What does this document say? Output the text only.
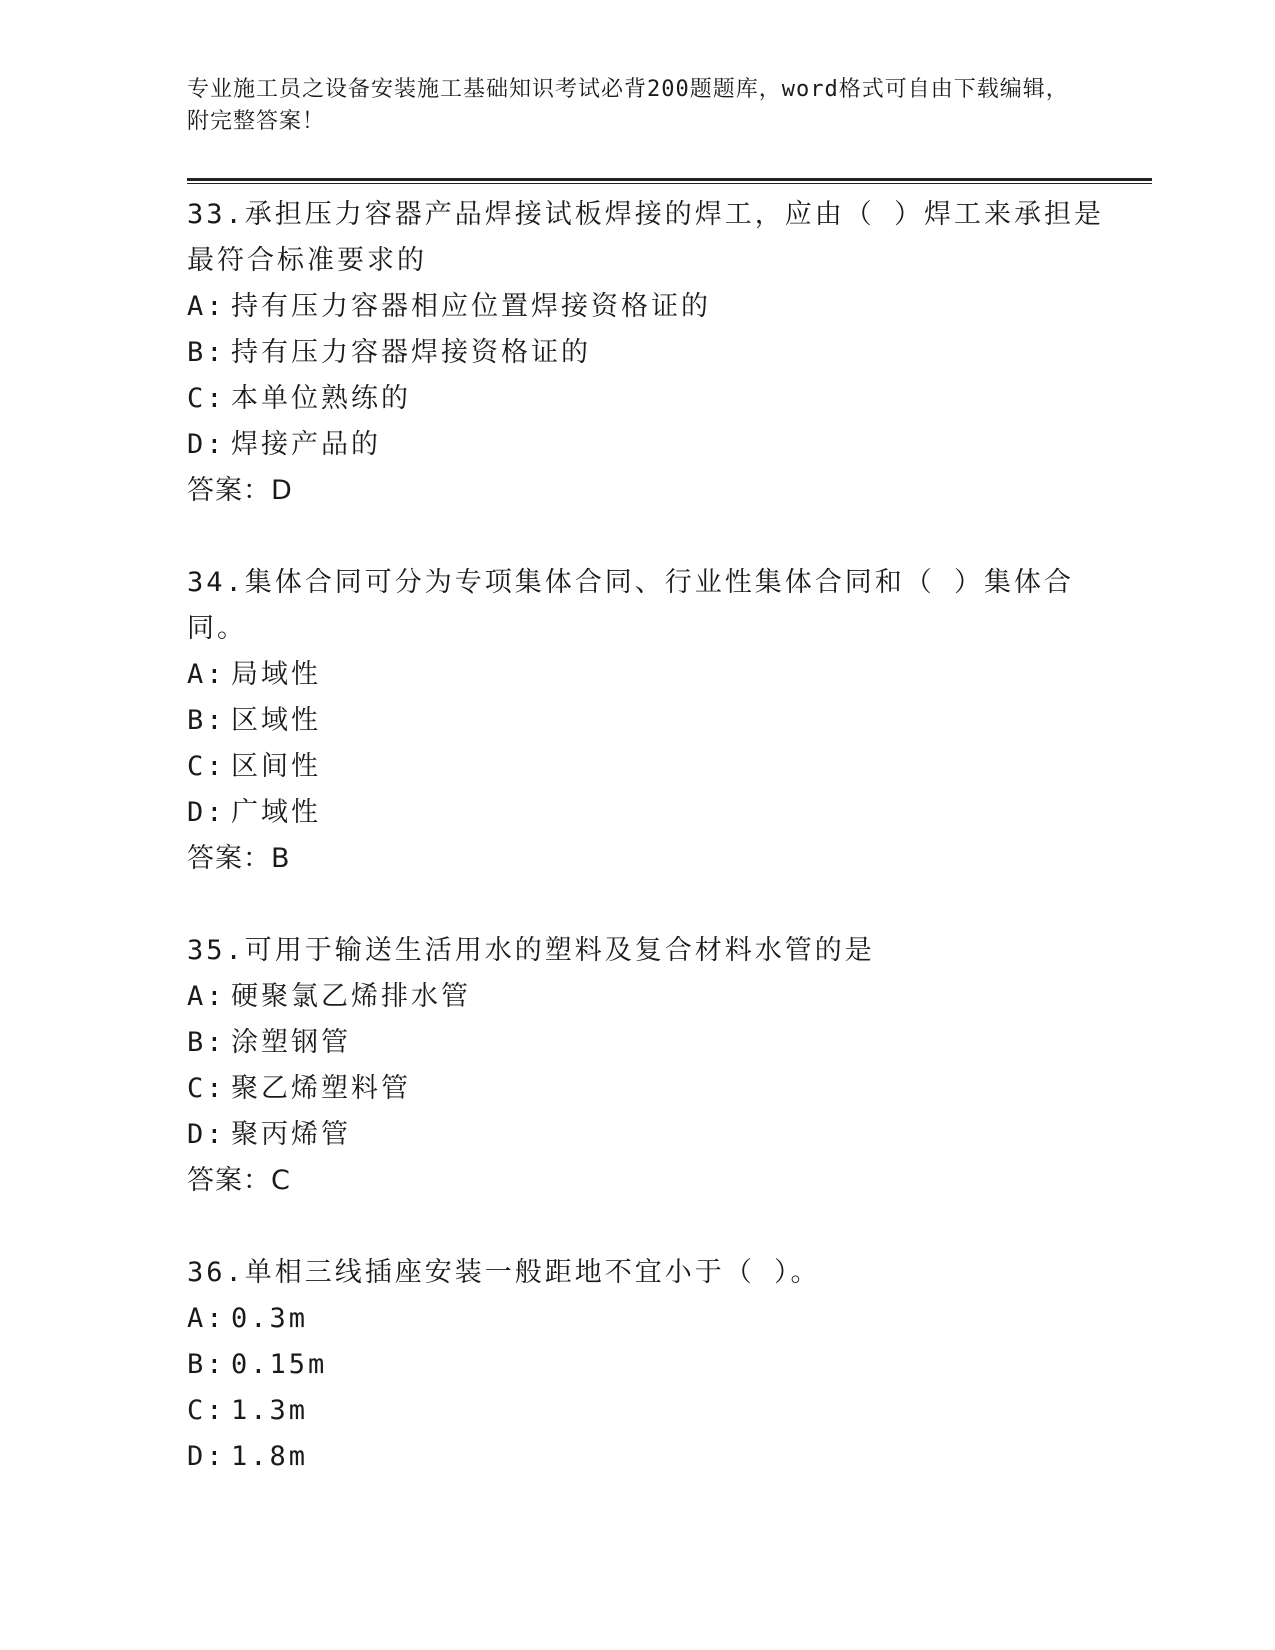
专业施工员之设备安装施工基础知识考试必背200题题库，word格式可自由下载编辑，附完整答案！

33.承担压力容器产品焊接试板焊接的焊工，应由（ ）焊工来承担是最符合标准要求的

A: 持有压力容器相应位置焊接资格证的

B: 持有压力容器焊接资格证的

C: 本单位熟练的

D: 焊接产品的

答案：D

34.集体合同可分为专项集体合同、行业性集体合同和（ ）集体合同。

A: 局域性

B: 区域性

C: 区间性

D: 广域性

答案：B

35.可用于输送生活用水的塑料及复合材料水管的是

A: 硬聚氯乙烯排水管

B: 涂塑钢管

C: 聚乙烯塑料管

D: 聚丙烯管

答案：C

36.单相三线插座安装一般距地不宜小于（ ）。

A: 0.3m

B: 0.15m

C: 1.3m

D: 1.8m
